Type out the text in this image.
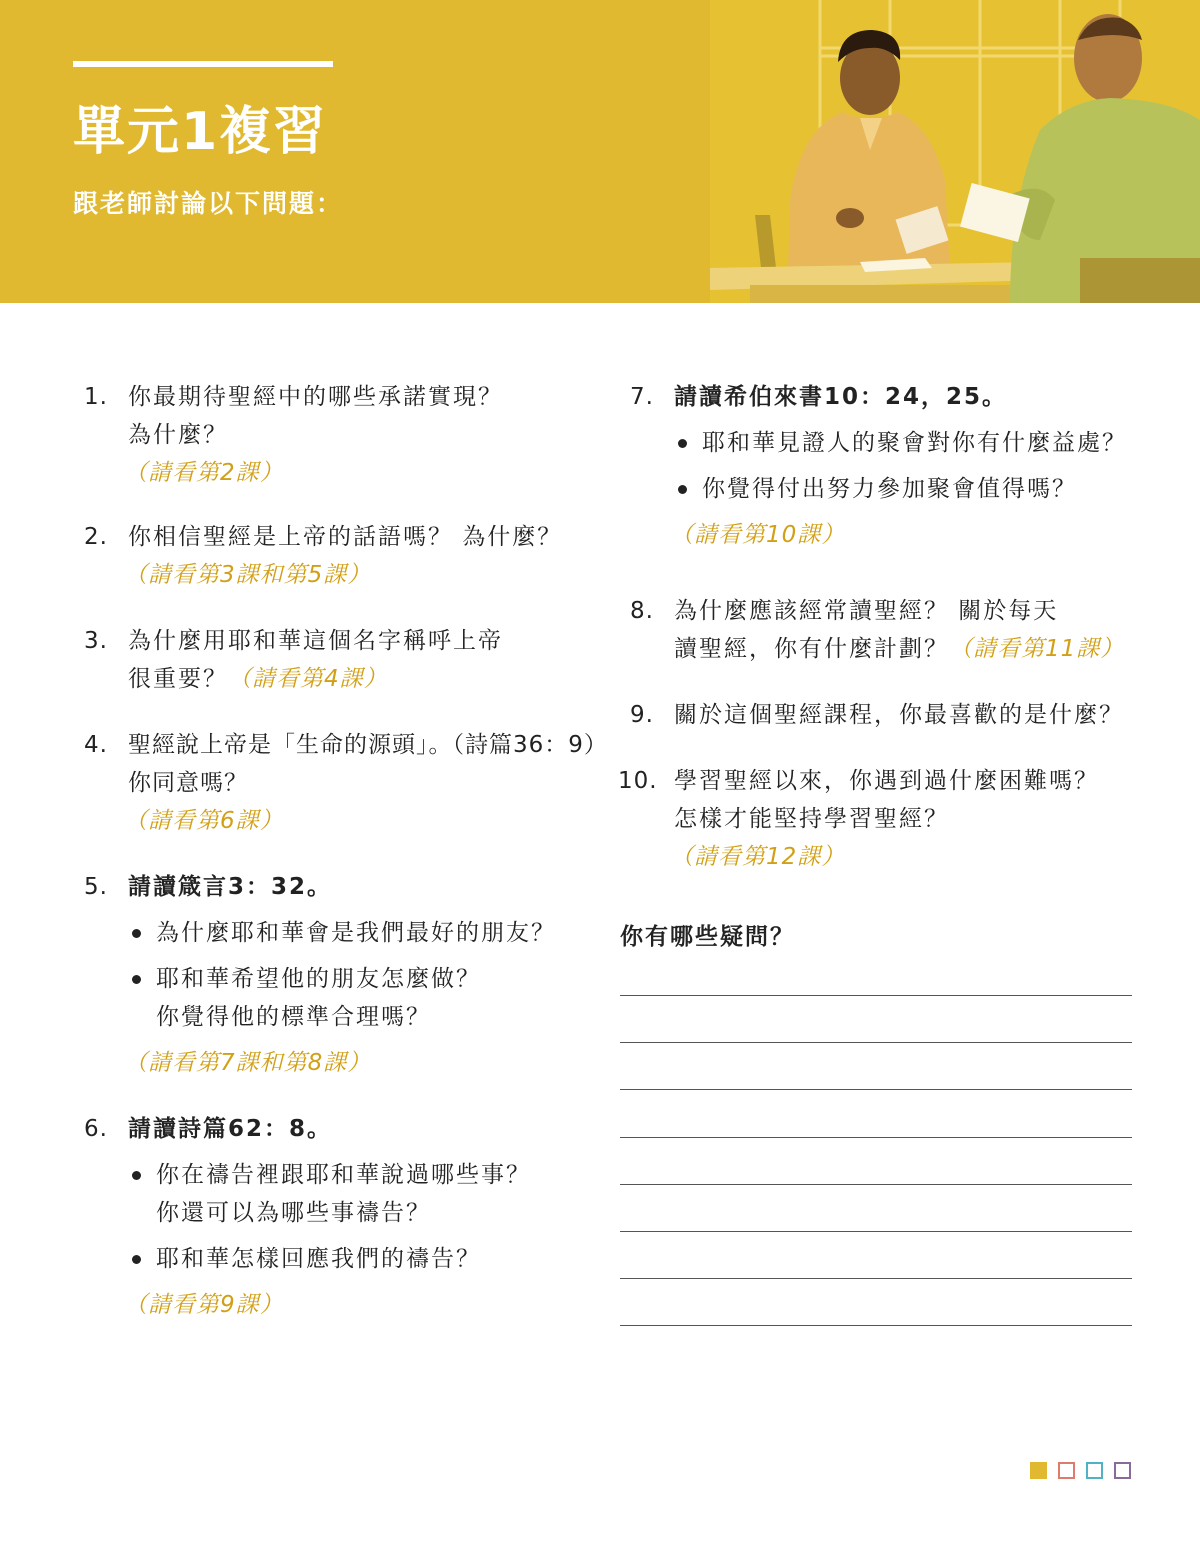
單元1複習
跟老師討論以下問題：
1. 你最期待聖經中的哪些承諾實現？
為什麼？
（請看第2課）
2. 你相信聖經是上帝的話語嗎？ 為什麼？
（請看第3課和第5課）
3. 為什麼用耶和華這個名字稱呼上帝
很重要？（請看第4課）
4. 聖經說上帝是「生命的源頭」。（詩篇36：9）
你同意嗎？
（請看第6課）
5. 請讀箴言3：32。
為什麼耶和華會是我們最好的朋友？
耶和華希望他的朋友怎麼做？
你覺得他的標準合理嗎？
（請看第7課和第8課）
6. 請讀詩篇62：8。
你在禱告裡跟耶和華說過哪些事？
你還可以為哪些事禱告？
耶和華怎樣回應我們的禱告？
（請看第9課）
7. 請讀希伯來書10：24，25。
耶和華見證人的聚會對你有什麼益處？
你覺得付出努力參加聚會值得嗎？
（請看第10課）
8. 為什麼應該經常讀聖經？ 關於每天
讀聖經，你有什麼計劃？（請看第11課）
9. 關於這個聖經課程，你最喜歡的是什麼？
10. 學習聖經以來，你遇到過什麼困難嗎？
怎樣才能堅持學習聖經？
（請看第12課）
你有哪些疑問？
